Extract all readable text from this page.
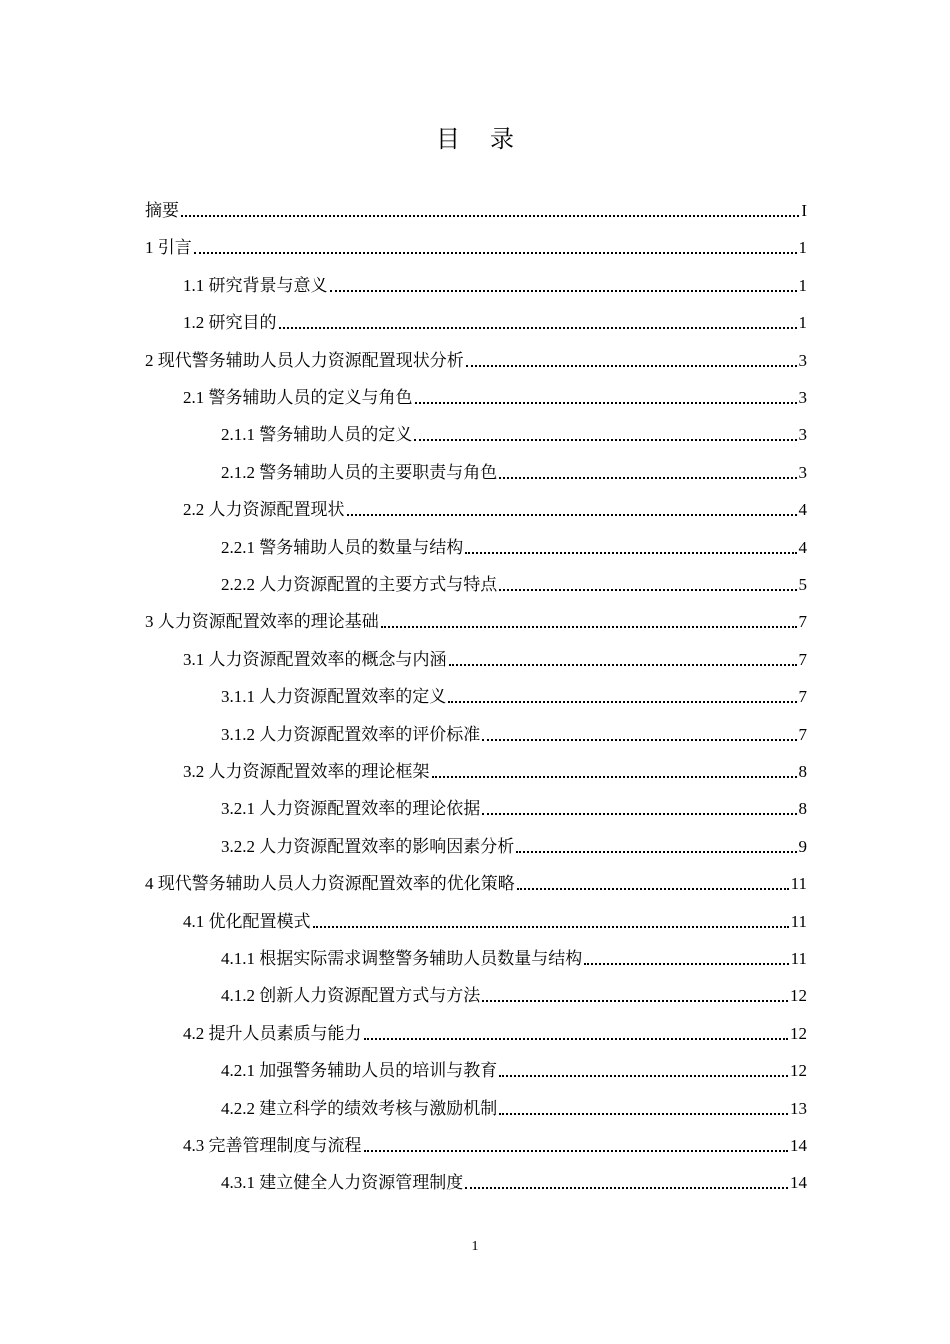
目录
摘要	I
1 引言	1
1.1 研究背景与意义	1
1.2 研究目的	1
2 现代警务辅助人员人力资源配置现状分析	3
2.1 警务辅助人员的定义与角色	3
2.1.1 警务辅助人员的定义	3
2.1.2 警务辅助人员的主要职责与角色	3
2.2 人力资源配置现状	4
2.2.1 警务辅助人员的数量与结构	4
2.2.2 人力资源配置的主要方式与特点	5
3 人力资源配置效率的理论基础	7
3.1 人力资源配置效率的概念与内涵	7
3.1.1 人力资源配置效率的定义	7
3.1.2 人力资源配置效率的评价标准	7
3.2 人力资源配置效率的理论框架	8
3.2.1 人力资源配置效率的理论依据	8
3.2.2 人力资源配置效率的影响因素分析	9
4 现代警务辅助人员人力资源配置效率的优化策略	11
4.1 优化配置模式	11
4.1.1 根据实际需求调整警务辅助人员数量与结构	11
4.1.2 创新人力资源配置方式与方法	12
4.2 提升人员素质与能力	12
4.2.1 加强警务辅助人员的培训与教育	12
4.2.2 建立科学的绩效考核与激励机制	13
4.3 完善管理制度与流程	14
4.3.1 建立健全人力资源管理制度	14
1
